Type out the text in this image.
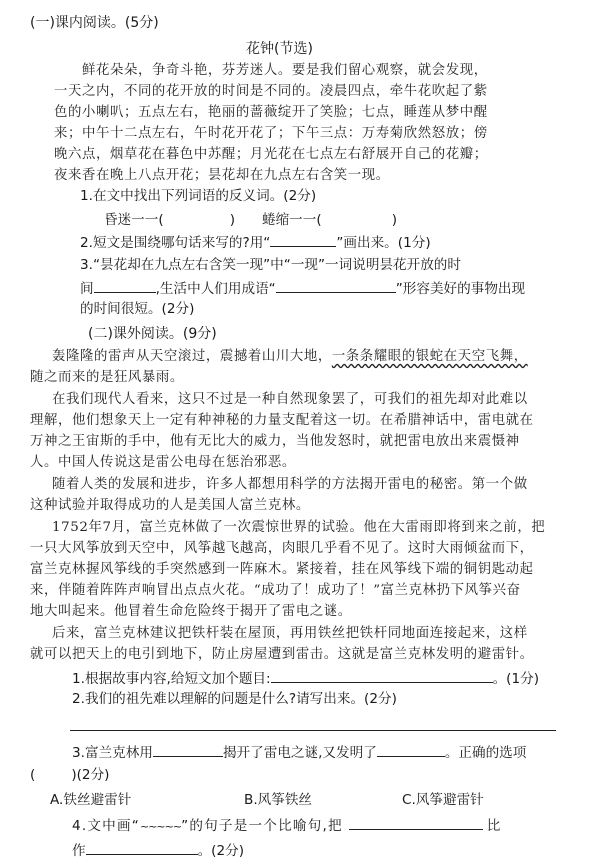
(一)课内阅读。(5分)
花钟(节选)
鲜花朵朵，争奇斗艳，芬芳迷人。要是我们留心观察，就会发现，
一天之内，不同的花开放的时间是不同的。凌晨四点，牵牛花吹起了紫
色的小喇叭；五点左右，艳丽的蔷薇绽开了笑脸；七点，睡莲从梦中醒
来；中午十二点左右，午时花开花了；下午三点：万寿菊欣然怒放；傍
晚六点，烟草花在暮色中苏醒；月光花在七点左右舒展开自己的花瓣；
夜来香在晚上八点开花；昙花却在九点左右含笑一现。
1.在文中找出下列词语的反义词。(2分)
昏迷一一(	) 蜷缩一一(	)
2.短文是围绕哪句话来写的?用“	”画出来。(1分)
3.“昙花却在九点左右含笑一现”中“一现”一词说明昙花开放的时
间	,生活中人们用成语“	”形容美好的事物出现
的时间很短。(2分)
(二)课外阅读。(9分)
轰隆隆的雷声从天空滚过，震撼着山川大地，一条条耀眼的银蛇在天空飞舞，
随之而来的是狂风暴雨。
在我们现代人看来，这只不过是一种自然现象罢了，可我们的祖先却对此难以
理解，他们想象天上一定有种神秘的力量支配着这一切。在希腊神话中，雷电就在
万神之王宙斯的手中，他有无比大的威力，当他发怒时，就把雷电放出来震慑神
人。中国人传说这是雷公电母在惩治邪恶。
随着人类的发展和进步，许多人都想用科学的方法揭开雷电的秘密。第一个做
这种试验并取得成功的人是美国人富兰克林。
1752年7月，富兰克林做了一次震惊世界的试验。他在大雷雨即将到来之前，把
一只大风筝放到天空中，风筝越飞越高，肉眼几乎看不见了。这时大雨倾盆而下，
富兰克林握风筝线的手突然感到一阵麻木。紧接着，挂在风筝线下端的铜钥匙动起
来，伴随着阵阵声响冒出点点火花。“成功了！成功了！”富兰克林扔下风筝兴奋
地大叫起来。他冒着生命危险终于揭开了雷电之谜。
后来，富兰克林建议把铁杆装在屋顶，再用铁丝把铁杆同地面连接起来，这样
就可以把天上的电引到地下，防止房屋遭到雷击。这就是富兰克林发明的避雷针。
1.根据故事内容,给短文加个题目:	。(1分)
2.我们的祖先难以理解的问题是什么?请写出来。(2分)
3.富兰克林用	揭开了雷电之谜,又发明了	。正确的选项
(	)(2分)
A.铁丝避雷针	B.风筝铁丝	C.风筝避雷针
4.文中画“~~~~~”的句子是一个比喻句,把	比
作	。(2分)
